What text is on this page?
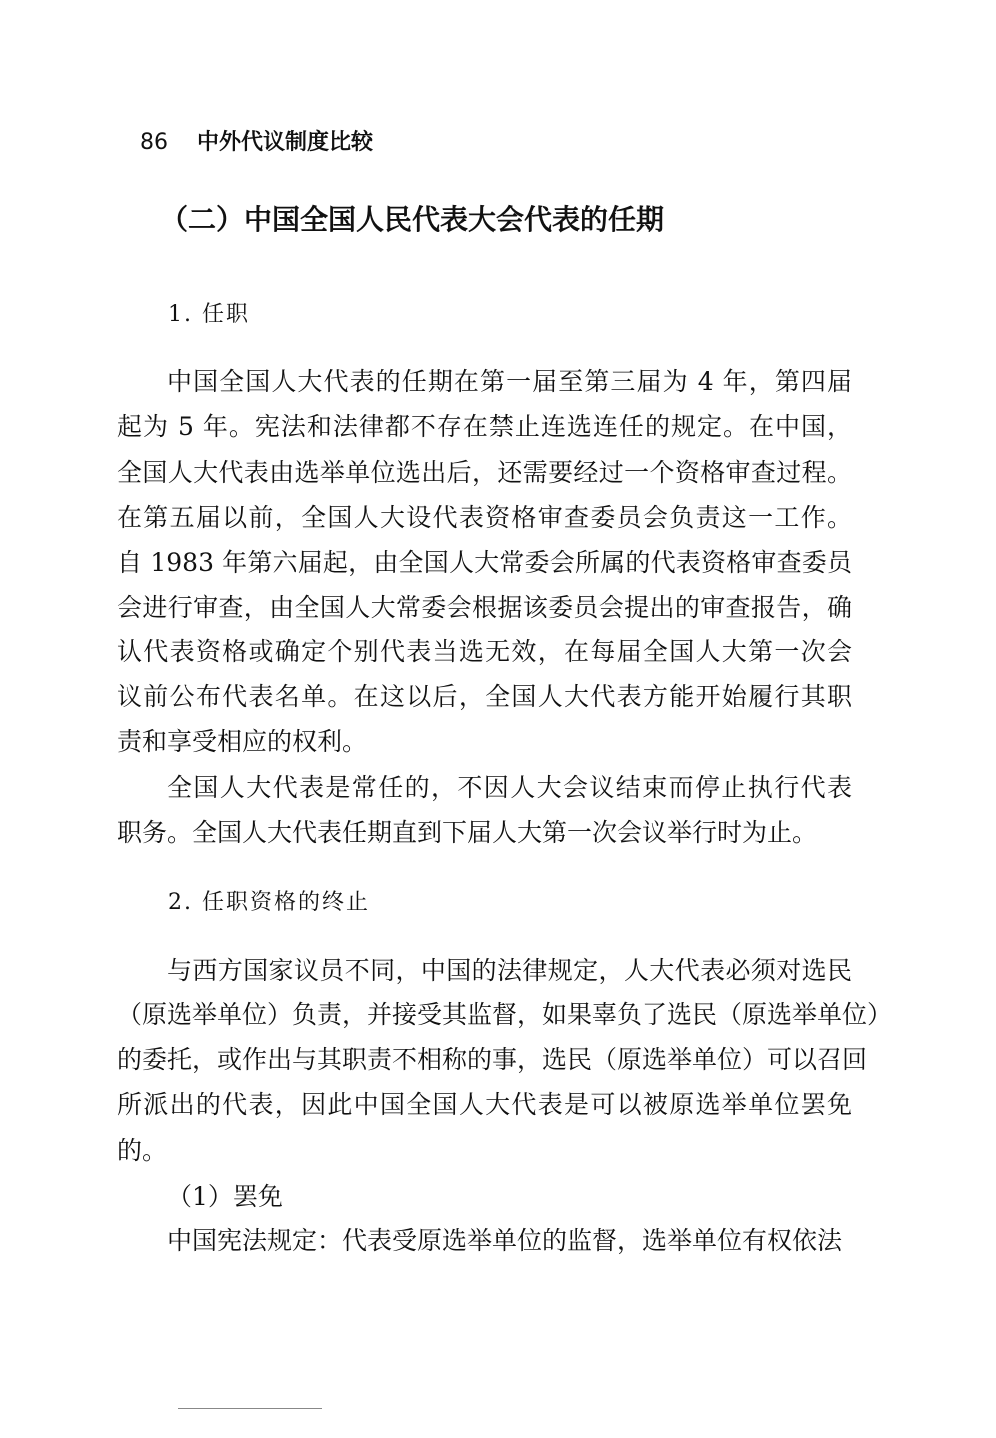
86 中外代议制度比较
（二）中国全国人民代表大会代表的任期
1. 任职
中国全国人大代表的任期在第一届至第三届为 4 年，第四届
起为 5 年。宪法和法律都不存在禁止连选连任的规定。在中国，
全国人大代表由选举单位选出后，还需要经过一个资格审查过程。
在第五届以前，全国人大设代表资格审查委员会负责这一工作。
自 1983 年第六届起，由全国人大常委会所属的代表资格审查委员
会进行审查，由全国人大常委会根据该委员会提出的审查报告，确
认代表资格或确定个别代表当选无效，在每届全国人大第一次会
议前公布代表名单。在这以后，全国人大代表方能开始履行其职
责和享受相应的权利。
全国人大代表是常任的，不因人大会议结束而停止执行代表
职务。全国人大代表任期直到下届人大第一次会议举行时为止。
2. 任职资格的终止
与西方国家议员不同，中国的法律规定，人大代表必须对选民
（原选举单位）负责，并接受其监督，如果辜负了选民（原选举单位）
的委托，或作出与其职责不相称的事，选民（原选举单位）可以召回
所派出的代表，因此中国全国人大代表是可以被原选举单位罢免
的。
（1）罢免
中国宪法规定：代表受原选举单位的监督，选举单位有权依法
